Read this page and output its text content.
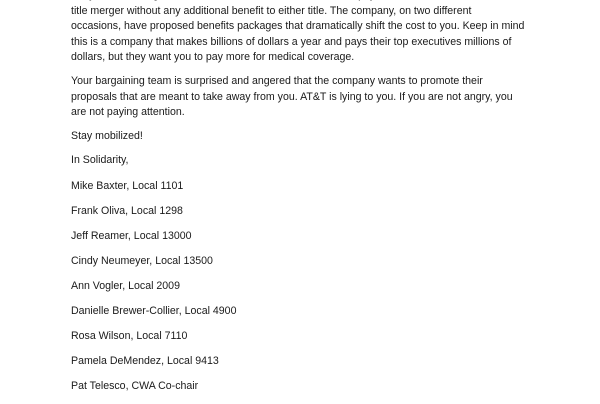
title merger without any additional benefit to either title. The company, on two different
occasions, have proposed benefits packages that dramatically shift the cost to you. Keep in mind
this is a company that makes billions of dollars a year and pays their top executives millions of
dollars, but they want you to pay more for medical coverage.

Your bargaining team is surprised and angered that the company wants to promote their
proposals that are meant to take away from you. AT&T is lying to you. If you are not angry, you
are not paying attention.

Stay mobilized!

In Solidarity,

Mike Baxter, Local 1101
Frank Oliva, Local 1298
Jeff Reamer, Local 13000
Cindy Neumeyer, Local 13500
Ann Vogler, Local 2009
Danielle Brewer-Collier, Local 4900
Rosa Wilson, Local 7110
Pamela DeMendez, Local 9413
Pat Telesco, CWA Co-chair
